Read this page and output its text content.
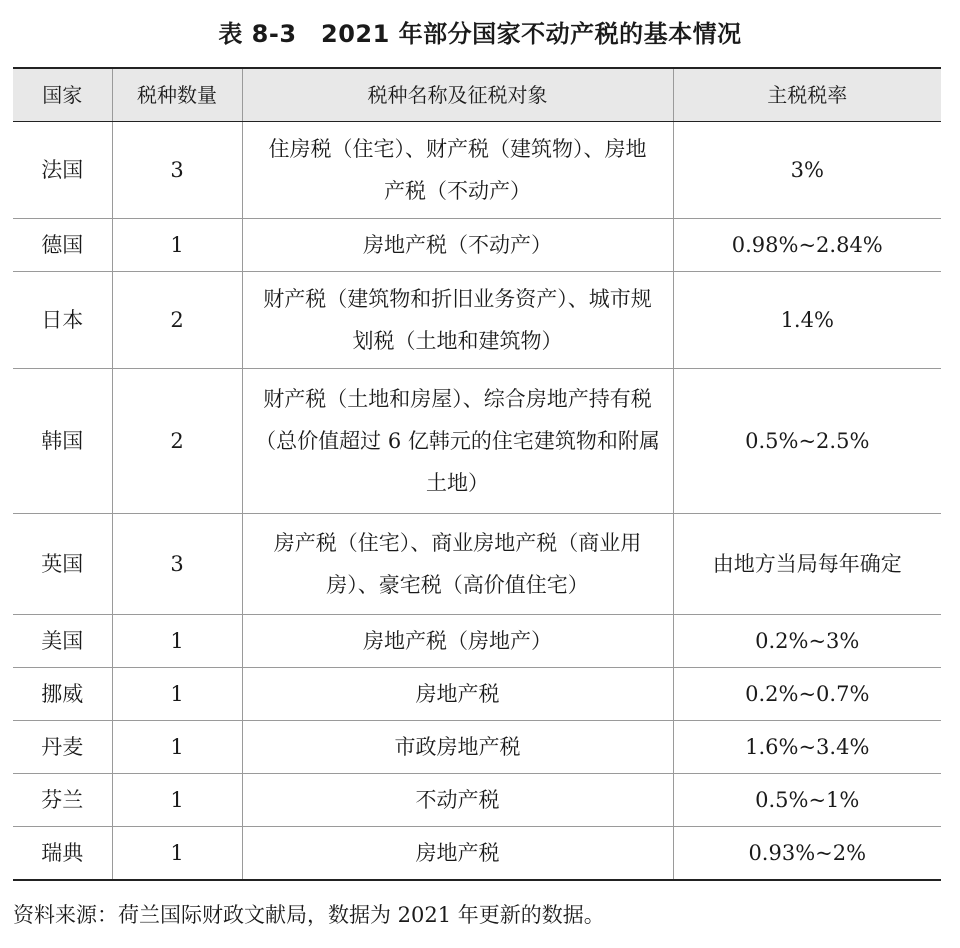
表 8-3　2021 年部分国家不动产税的基本情况
国家	税种数量	税种名称及征税对象	主税税率
法国	3	住房税（住宅）、财产税（建筑物）、房地产税（不动产）	3%
德国	1	房地产税（不动产）	0.98%~2.84%
日本	2	财产税（建筑物和折旧业务资产）、城市规划税（土地和建筑物）	1.4%
韩国	2	财产税（土地和房屋）、综合房地产持有税（总价值超过 6 亿韩元的住宅建筑物和附属土地）	0.5%~2.5%
英国	3	房产税（住宅）、商业房地产税（商业用房）、豪宅税（高价值住宅）	由地方当局每年确定
美国	1	房地产税（房地产）	0.2%~3%
挪威	1	房地产税	0.2%~0.7%
丹麦	1	市政房地产税	1.6%~3.4%
芬兰	1	不动产税	0.5%~1%
瑞典	1	房地产税	0.93%~2%
资料来源：荷兰国际财政文献局，数据为 2021 年更新的数据。
